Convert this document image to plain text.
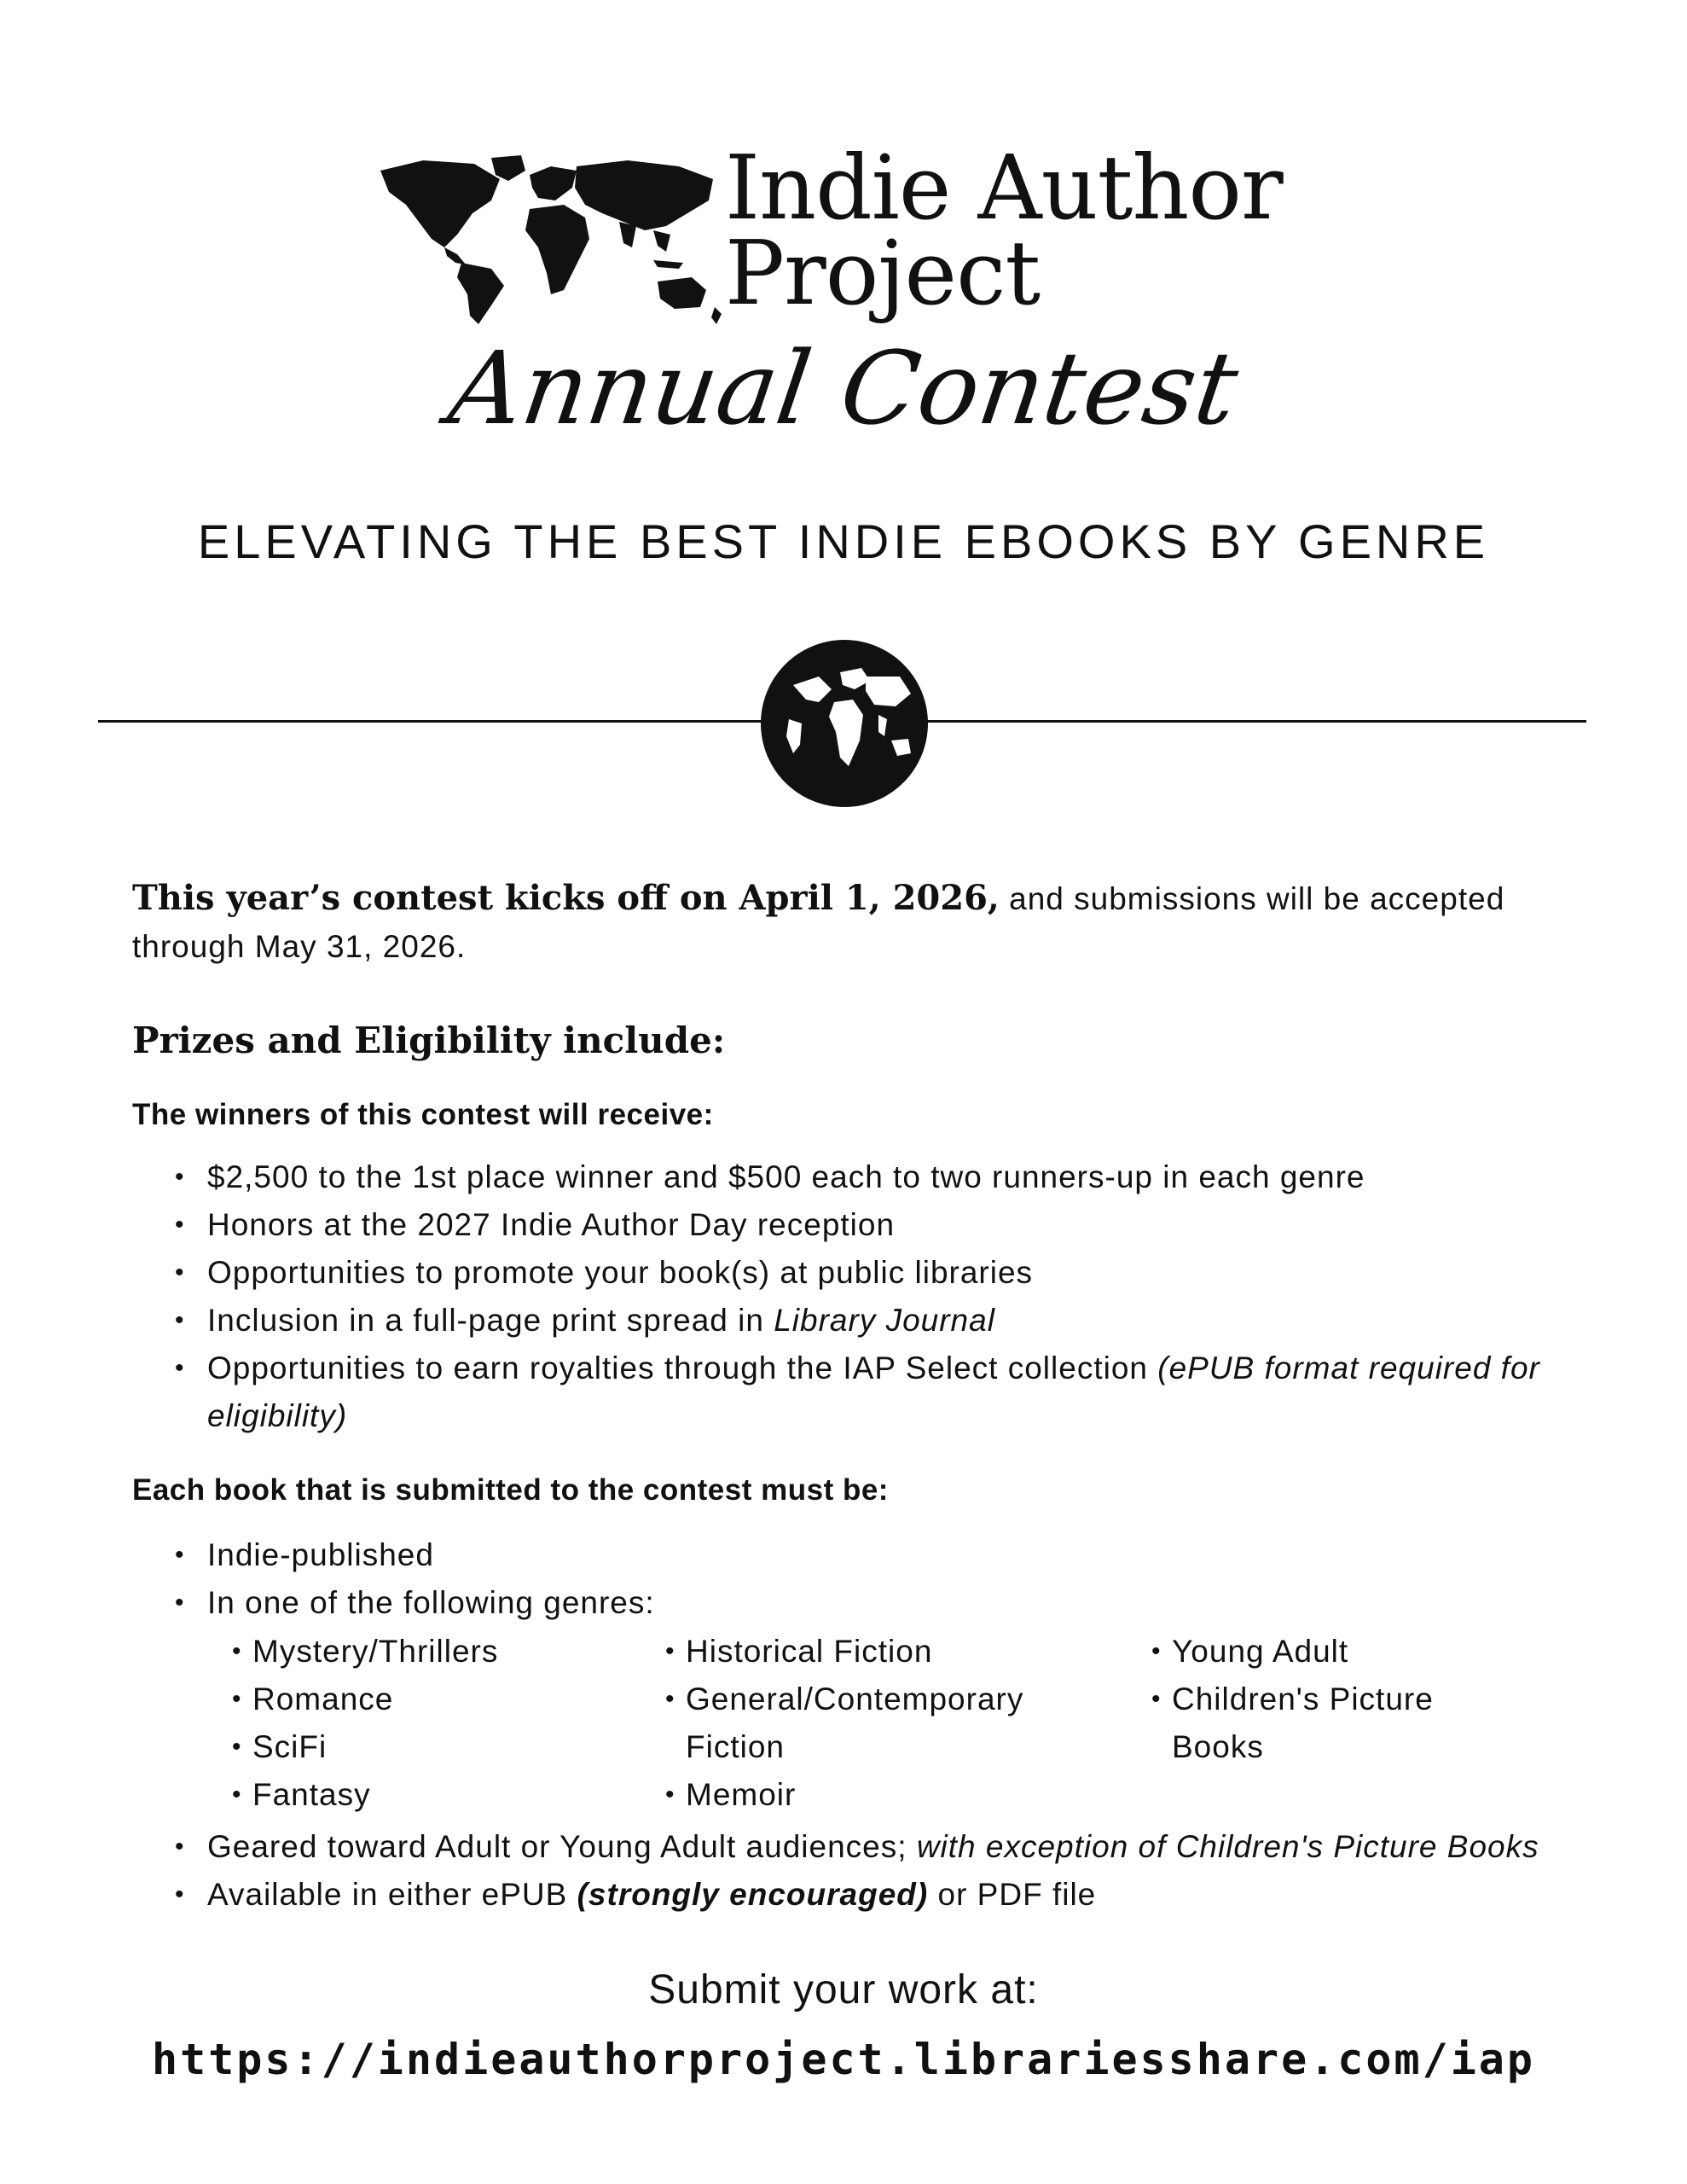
Indie Author
Project
Annual Contest
ELEVATING THE BEST INDIE EBOOKS BY GENRE
This year’s contest kicks off on April 1, 2026, and submissions will be accepted through May 31, 2026.
Prizes and Eligibility include:
The winners of this contest will receive:
• $2,500 to the 1st place winner and $500 each to two runners-up in each genre
• Honors at the 2027 Indie Author Day reception
• Opportunities to promote your book(s) at public libraries
• Inclusion in a full-page print spread in Library Journal
• Opportunities to earn royalties through the IAP Select collection (ePUB format required for eligibility)
Each book that is submitted to the contest must be:
• Indie-published
• In one of the following genres:
• Mystery/Thrillers
• Romance
• SciFi
• Fantasy
• Historical Fiction
• General/Contemporary Fiction
• Memoir
• Young Adult
• Children's Picture Books
• Geared toward Adult or Young Adult audiences; with exception of Children's Picture Books
• Available in either ePUB (strongly encouraged) or PDF file
Submit your work at:
https://indieauthorproject.librariesshare.com/iap
